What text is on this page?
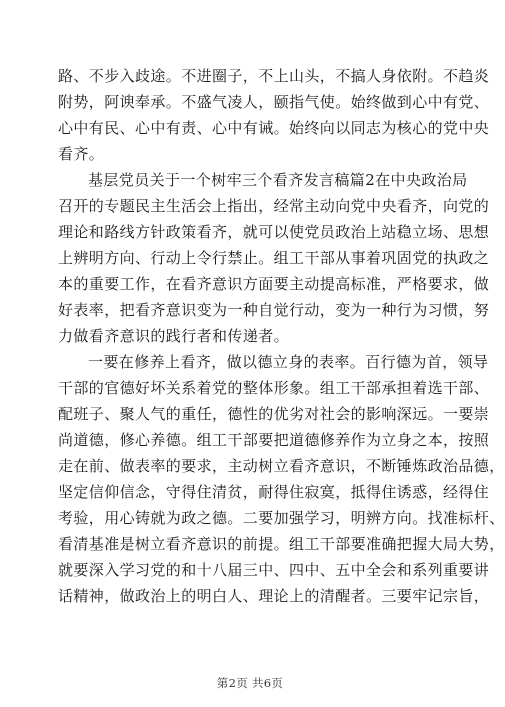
路、不步入歧途。不进圈子，不上山头，不搞人身依附。不趋炎
附势，阿谀奉承。不盛气凌人，颐指气使。始终做到心中有党、
心中有民、心中有责、心中有诫。始终向以同志为核心的党中央
看齐。
基层党员关于一个树牢三个看齐发言稿篇2在中央政治局
召开的专题民主生活会上指出，经常主动向党中央看齐，向党的
理论和路线方针政策看齐，就可以使党员政治上站稳立场、思想
上辨明方向、行动上令行禁止。组工干部从事着巩固党的执政之
本的重要工作，在看齐意识方面要主动提高标准，严格要求，做
好表率，把看齐意识变为一种自觉行动，变为一种行为习惯，努
力做看齐意识的践行者和传递者。
一要在修养上看齐，做以德立身的表率。百行德为首，领导
干部的官德好坏关系着党的整体形象。组工干部承担着选干部、
配班子、聚人气的重任，德性的优劣对社会的影响深远。一要崇
尚道德，修心养德。组工干部要把道德修养作为立身之本，按照
走在前、做表率的要求，主动树立看齐意识，不断锤炼政治品德，
坚定信仰信念，守得住清贫，耐得住寂寞，抵得住诱惑，经得住
考验，用心铸就为政之德。二要加强学习，明辨方向。找准标杆、
看清基准是树立看齐意识的前提。组工干部要准确把握大局大势，
就要深入学习党的和十八届三中、四中、五中全会和系列重要讲
话精神，做政治上的明白人、理论上的清醒者。三要牢记宗旨，
第2页 共6页
